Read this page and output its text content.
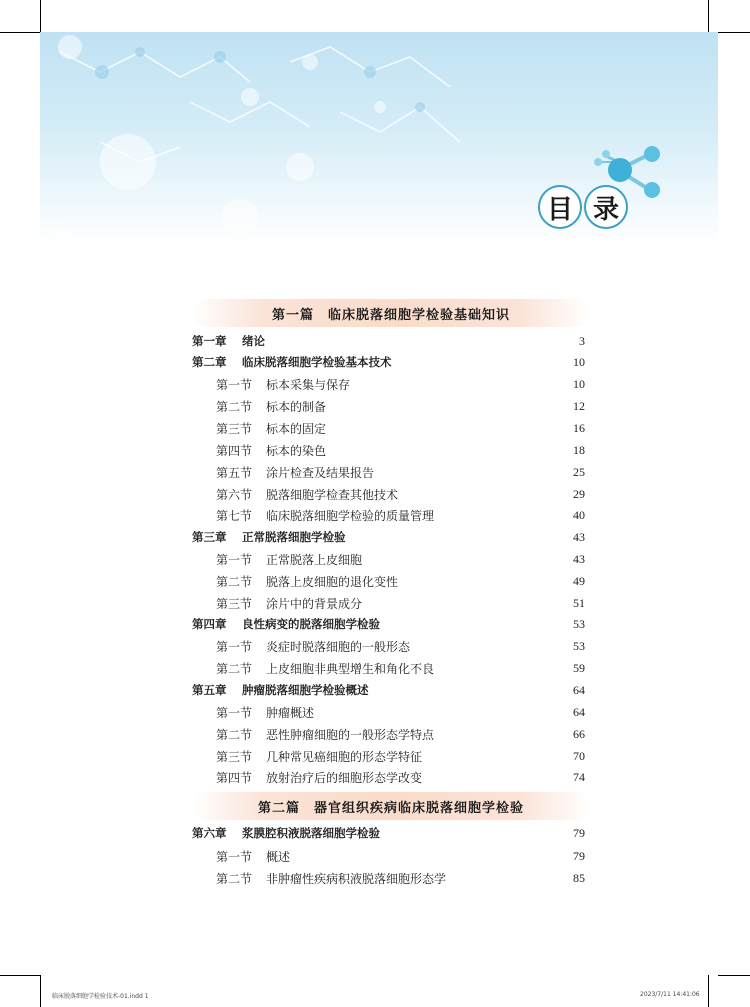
目 录
第一篇　临床脱落细胞学检验基础知识
第一章	绪论	3
第二章	临床脱落细胞学检验基本技术	10
第一节	标本采集与保存	10
第二节	标本的制备	12
第三节	标本的固定	16
第四节	标本的染色	18
第五节	涂片检查及结果报告	25
第六节	脱落细胞学检查其他技术	29
第七节	临床脱落细胞学检验的质量管理	40
第三章	正常脱落细胞学检验	43
第一节	正常脱落上皮细胞	43
第二节	脱落上皮细胞的退化变性	49
第三节	涂片中的背景成分	51
第四章	良性病变的脱落细胞学检验	53
第一节	炎症时脱落细胞的一般形态	53
第二节	上皮细胞非典型增生和角化不良	59
第五章	肿瘤脱落细胞学检验概述	64
第一节	肿瘤概述	64
第二节	恶性肿瘤细胞的一般形态学特点	66
第三节	几种常见癌细胞的形态学特征	70
第四节	放射治疗后的细胞形态学改变	74
第二篇　器官组织疾病临床脱落细胞学检验
第六章	浆膜腔积液脱落细胞学检验	79
第一节	概述	79
第二节	非肿瘤性疾病积液脱落细胞形态学	85
临床脱落细胞学检验技术-01.indd 1	2023/7/11 14:41:06
